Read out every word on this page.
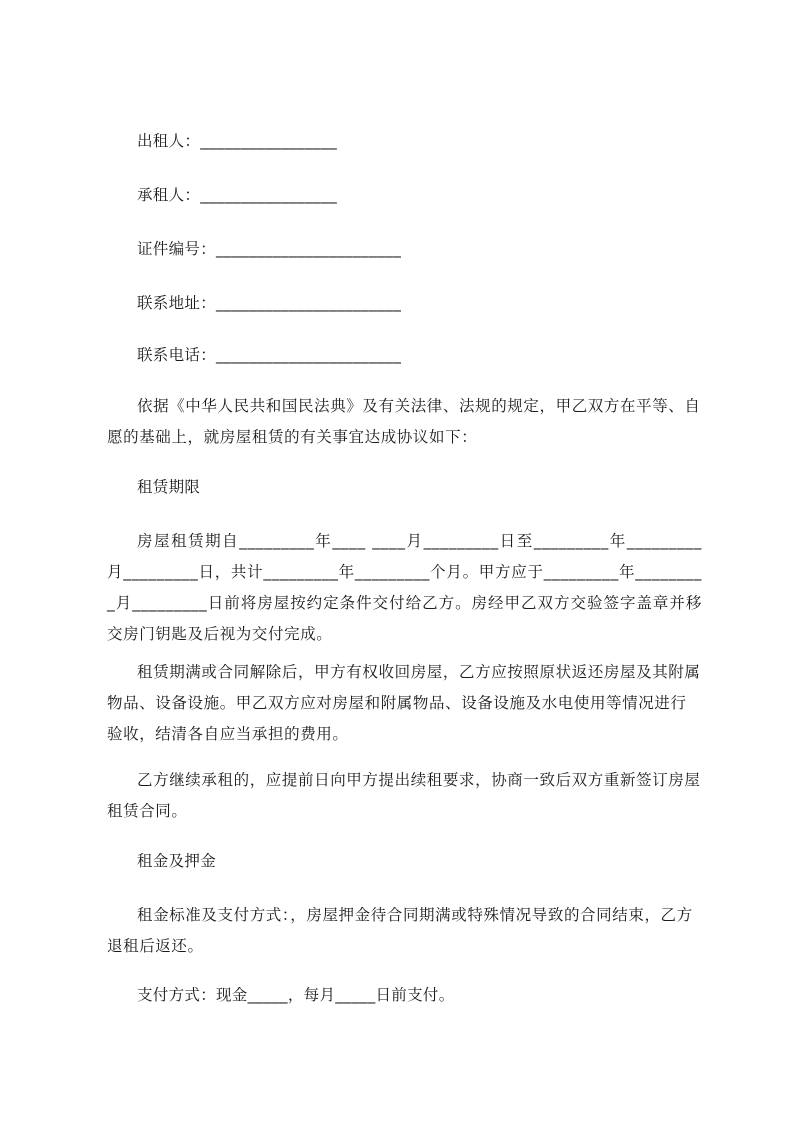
出租人：_________________
承租人：_________________
证件编号：_______________________
联系地址：_______________________
联系电话：_______________________
依据《中华人民共和国民法典》及有关法律、法规的规定，甲乙双方在平等、自愿的基础上，就房屋租赁的有关事宜达成协议如下：
租赁期限
房屋租赁期自_________年____ ____月_________日至_________年_________月_________日，共计_________年_________个月。甲方应于_________年_________月_________日前将房屋按约定条件交付给乙方。房经甲乙双方交验签字盖章并移交房门钥匙及后视为交付完成。
租赁期满或合同解除后，甲方有权收回房屋，乙方应按照原状返还房屋及其附属物品、设备设施。甲乙双方应对房屋和附属物品、设备设施及水电使用等情况进行验收，结清各自应当承担的费用。
乙方继续承租的，应提前日向甲方提出续租要求，协商一致后双方重新签订房屋租赁合同。
租金及押金
租金标准及支付方式：，房屋押金待合同期满或特殊情况导致的合同结束，乙方退租后返还。
支付方式：现金_____，每月_____日前支付。
